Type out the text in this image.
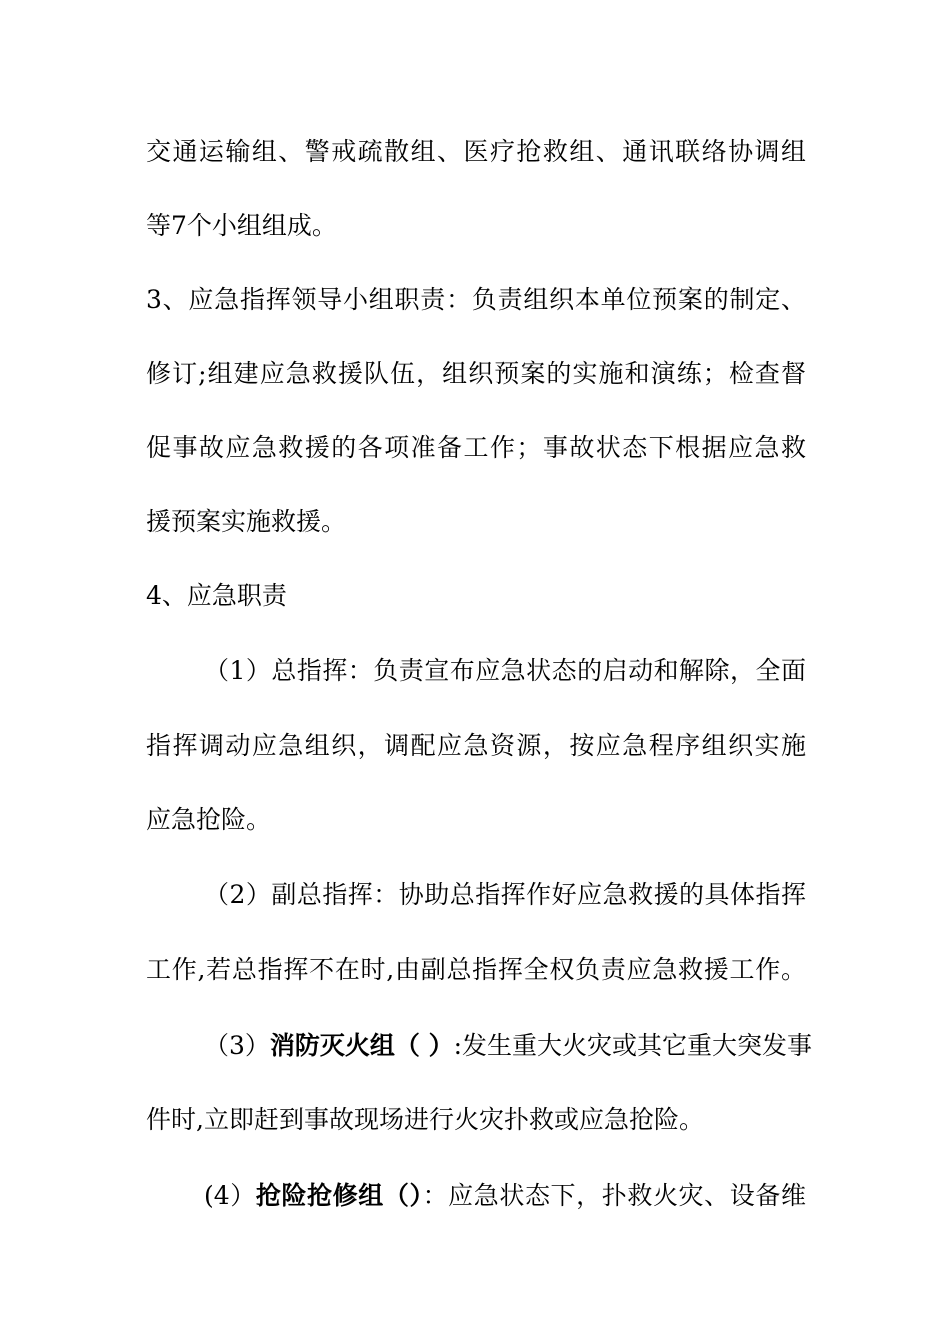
交通运输组、警戒疏散组、医疗抢救组、通讯联络协调组
等7个小组组成。
3、应急指挥领导小组职责：负责组织本单位预案的制定、
修订;组建应急救援队伍，组织预案的实施和演练；检查督
促事故应急救援的各项准备工作；事故状态下根据应急救
援预案实施救援。
4、应急职责
（1）总指挥：负责宣布应急状态的启动和解除，全面
指挥调动应急组织，调配应急资源，按应急程序组织实施
应急抢险。
（2）副总指挥：协助总指挥作好应急救援的具体指挥
工作,若总指挥不在时,由副总指挥全权负责应急救援工作。
（3）消防灭火组（ ）:发生重大火灾或其它重大突发事
件时,立即赶到事故现场进行火灾扑救或应急抢险。
(4）抢险抢修组（）：应急状态下，扑救火灾、设备维
